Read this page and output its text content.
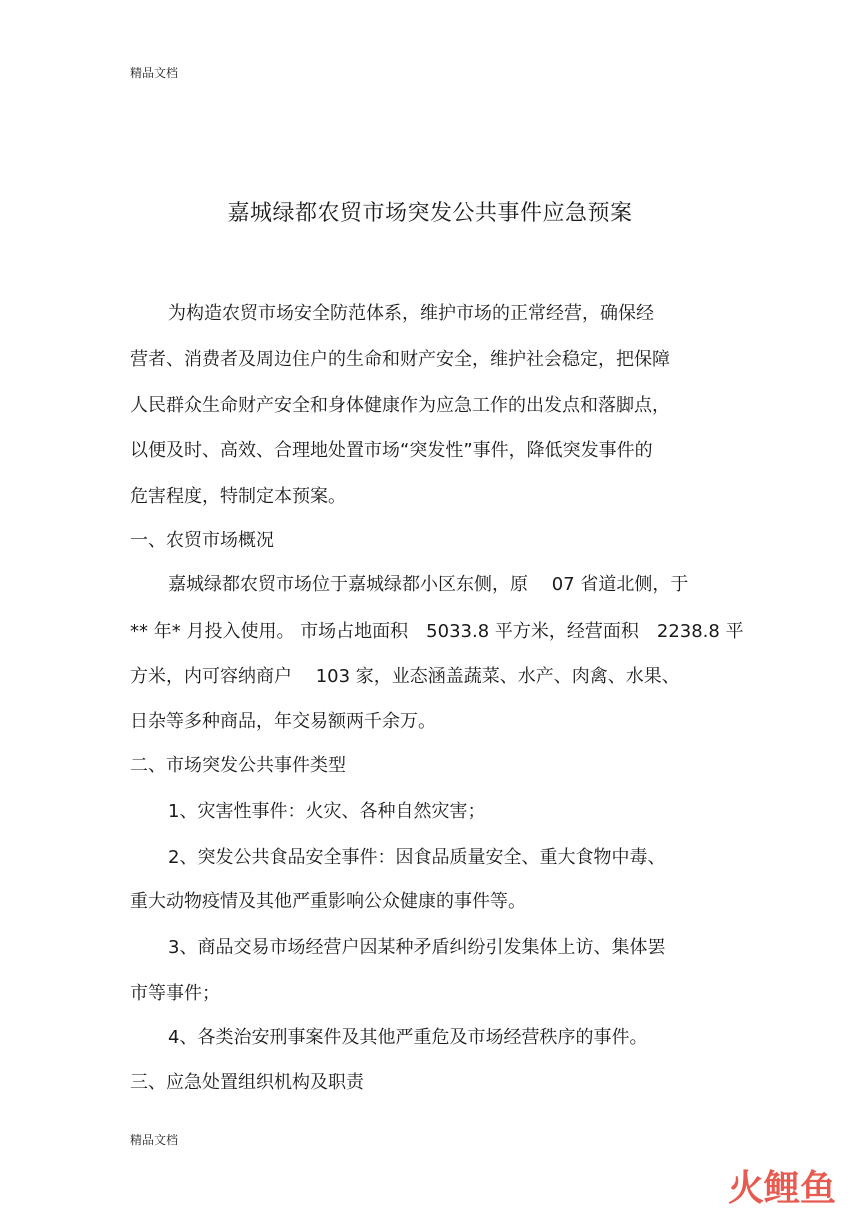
精品文档
嘉城绿都农贸市场突发公共事件应急预案
为构造农贸市场安全防范体系，维护市场的正常经营，确保经
营者、消费者及周边住户的生命和财产安全，维护社会稳定，把保障
人民群众生命财产安全和身体健康作为应急工作的出发点和落脚点，
以便及时、高效、合理地处置市场“突发性”事件，降低突发事件的
危害程度，特制定本预案。
一、农贸市场概况
嘉城绿都农贸市场位于嘉城绿都小区东侧，原　 07 省道北侧，于
** 年* 月投入使用。 市场占地面积　5033.8 平方米，经营面积　2238.8 平
方米，内可容纳商户　 103 家，业态涵盖蔬菜、水产、肉禽、水果、
日杂等多种商品，年交易额两千余万。
二、市场突发公共事件类型
1、灾害性事件：火灾、各种自然灾害；
2、突发公共食品安全事件：因食品质量安全、重大食物中毒、
重大动物疫情及其他严重影响公众健康的事件等。
3、商品交易市场经营户因某种矛盾纠纷引发集体上访、集体罢
市等事件；
4、各类治安刑事案件及其他严重危及市场经营秩序的事件。
三、应急处置组织机构及职责
精品文档
火鲤鱼
